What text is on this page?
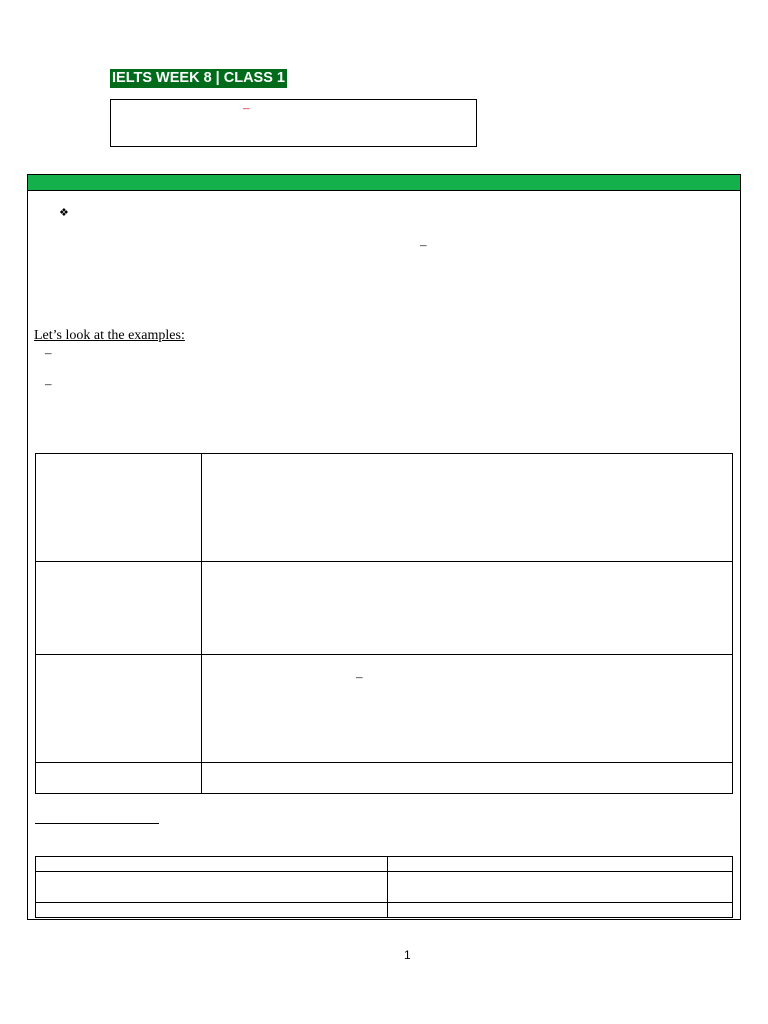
IELTS WEEK 8 | CLASS 1
–
❖
–
Let’s look at the examples:
–
–

	–

1
